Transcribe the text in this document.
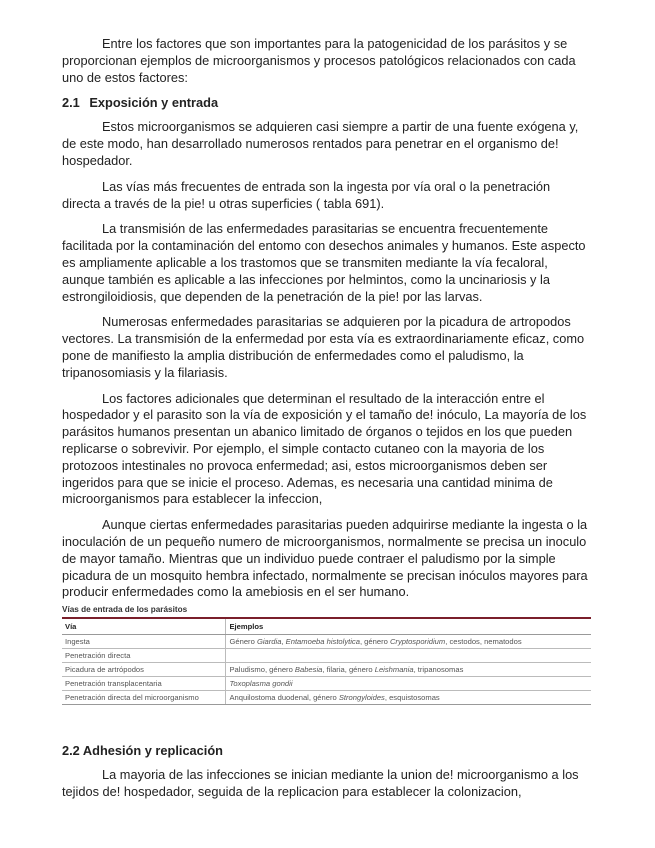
Entre los factores que son importantes para la patogenicidad de los parásitos y se proporcionan ejemplos de microorganismos y procesos patológicos relacionados con cada uno de estos factores:

2.1 Exposición y entrada

Estos microorganismos se adquieren casi siempre a partir de una fuente exógena y, de este modo, han desarrollado numerosos rentados para penetrar en el organismo de! hospedador.

Las vías más frecuentes de entrada son la ingesta por vía oral o la penetración directa a través de la pie! u otras superficies ( tabla 691).

La transmisión de las enfermedades parasitarias se encuentra frecuentemente facilitada por la contaminación del entomo con desechos animales y humanos. Este aspecto es ampliamente aplicable a los trastomos que se transmiten mediante la vía fecaloral, aunque también es aplicable a las infecciones por helmintos, como la uncinariosis y la estrongiloidiosis, que dependen de la penetración de la pie! por las larvas.

Numerosas enfermedades parasitarias se adquieren por la picadura de artropodos vectores. La transmisión de la enfermedad por esta vía es extraordinariamente eficaz, como pone de manifiesto la amplia distribución de enfermedades como el paludismo, la tripanosomiasis y la filariasis.

Los factores adicionales que determinan el resultado de la interacción entre el hospedador y el parasito son la vía de exposición y el tamaño de! inóculo, La mayoría de los parásitos humanos presentan un abanico limitado de órganos o tejidos en los que pueden replicarse o sobrevivir. Por ejemplo, el simple contacto cutaneo con la mayoria de los protozoos intestinales no provoca enfermedad; asi, estos microorganismos deben ser ingeridos para que se inicie el proceso. Ademas, es necesaria una cantidad minima de microorganismos para establecer la infeccion,

Aunque ciertas enfermedades parasitarias pueden adquirirse mediante la ingesta o la inoculación de un pequeño numero de microorganismos, normalmente se precisa un inoculo de mayor tamaño. Mientras que un individuo puede contraer el paludismo por la simple picadura de un mosquito hembra infectado, normalmente se precisan inóculos mayores para producir enfermedades como la amebiosis en el ser humano.

Vías de entrada de los parásitos
Vía	Ejemplos
Ingesta	Género Giardia, Entamoeba histolytica, género Cryptosporidium, cestodos, nematodos
Penetración directa	
Picadura de artrópodos	Paludismo, género Babesia, filaria, género Leishmania, tripanosomas
Penetración transplacentaria	Toxoplasma gondii
Penetración directa del microorganismo	Anquilostoma duodenal, género Strongyloides, esquistosomas
2.2 Adhesión y replicación

La mayoria de las infecciones se inician mediante la union de! microorganismo a los tejidos de! hospedador, seguida de la replicacion para establecer la colonizacion,
